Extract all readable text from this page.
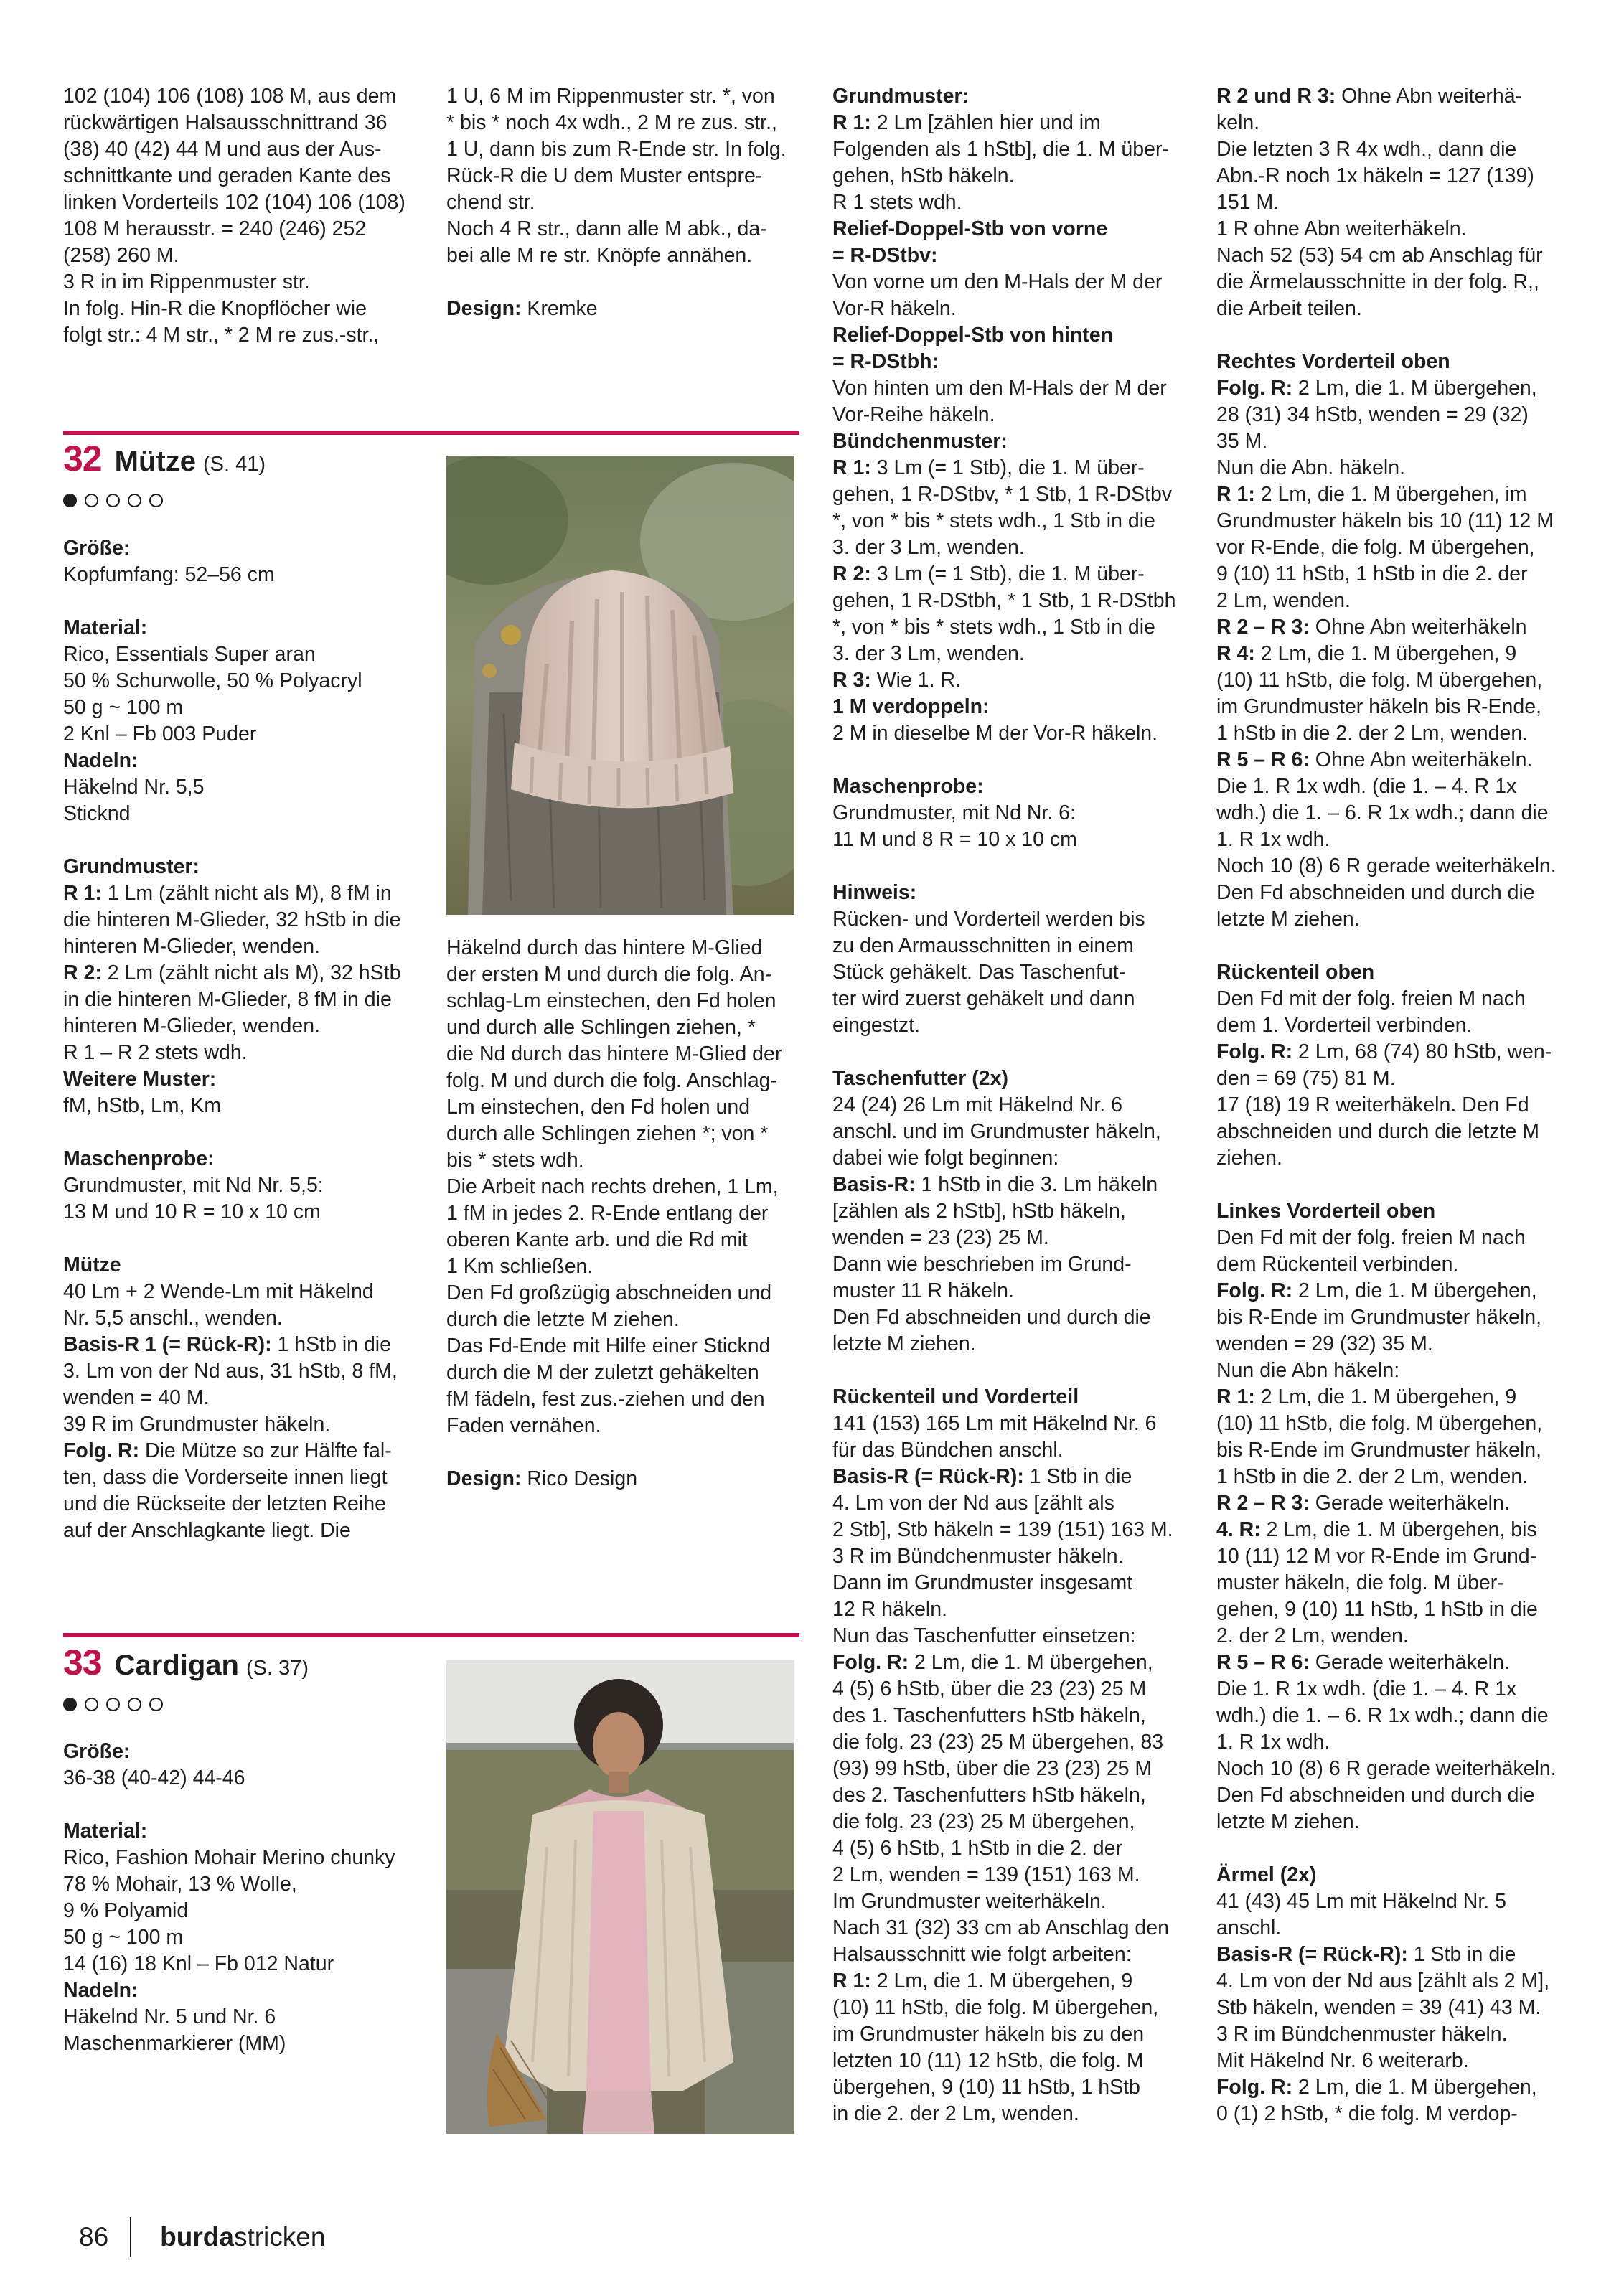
102 (104) 106 (108) 108 M, aus dem

rückwärtigen Halsausschnittrand 36

(38) 40 (42) 44 M und aus der Aus-

schnittkante und geraden Kante des

linken Vorderteils 102 (104) 106 (108)

108 M herausstr. = 240 (246) 252

(258) 260 M.

3 R in im Rippenmuster str.

In folg. Hin-R die Knopflöcher wie

folgt str.: 4 M str., * 2 M re zus.-str.,

1 U, 6 M im Rippenmuster str. *, von

* bis * noch 4x wdh., 2 M re zus. str.,

1 U, dann bis zum R-Ende str. In folg.

Rück-R die U dem Muster entspre-

chend str.

Noch 4 R str., dann alle M abk., da-

bei alle M re str. Knöpfe annähen.

Design: Kremke

32 Mütze (S. 41)

Größe:

Kopfumfang: 52–56 cm

Material:

Rico, Essentials Super aran

50 % Schurwolle, 50 % Polyacryl

50 g ~ 100 m

2 Knl – Fb 003 Puder

Nadeln:

Häkelnd Nr. 5,5

Sticknd

Grundmuster:

R 1: 1 Lm (zählt nicht als M), 8 fM in

die hinteren M-Glieder, 32 hStb in die

hinteren M-Glieder, wenden.

R 2: 2 Lm (zählt nicht als M), 32 hStb

in die hinteren M-Glieder, 8 fM in die

hinteren M-Glieder, wenden.

R 1 – R 2 stets wdh.

Weitere Muster:

fM, hStb, Lm, Km

Maschenprobe:

Grundmuster, mit Nd Nr. 5,5:

13 M und 10 R = 10 x 10 cm

Mütze

40 Lm + 2 Wende-Lm mit Häkelnd

Nr. 5,5 anschl., wenden.

Basis-R 1 (= Rück-R): 1 hStb in die

3. Lm von der Nd aus, 31 hStb, 8 fM,

wenden = 40 M.

39 R im Grundmuster häkeln.

Folg. R: Die Mütze so zur Hälfte fal-

ten, dass die Vorderseite innen liegt

und die Rückseite der letzten Reihe

auf der Anschlagkante liegt. Die

Häkelnd durch das hintere M-Glied

der ersten M und durch die folg. An-

schlag-Lm einstechen, den Fd holen

und durch alle Schlingen ziehen, *

die Nd durch das hintere M-Glied der

folg. M und durch die folg. Anschlag-

Lm einstechen, den Fd holen und

durch alle Schlingen ziehen *; von *

bis * stets wdh.

Die Arbeit nach rechts drehen, 1 Lm,

1 fM in jedes 2. R-Ende entlang der

oberen Kante arb. und die Rd mit

1 Km schließen.

Den Fd großzügig abschneiden und

durch die letzte M ziehen.

Das Fd-Ende mit Hilfe einer Sticknd

durch die M der zuletzt gehäkelten

fM fädeln, fest zus.-ziehen und den

Faden vernähen.

Design: Rico Design

33 Cardigan (S. 37)

Größe:

36-38 (40-42) 44-46

Material:

Rico, Fashion Mohair Merino chunky

78 % Mohair, 13 % Wolle,

9 % Polyamid

50 g ~ 100 m

14 (16) 18 Knl – Fb 012 Natur

Nadeln:

Häkelnd Nr. 5 und Nr. 6

Maschenmarkierer (MM)

Grundmuster:

R 1: 2 Lm [zählen hier und im

Folgenden als 1 hStb], die 1. M über-

gehen, hStb häkeln.

R 1 stets wdh.

Relief-Doppel-Stb von vorne

= R-DStbv:

Von vorne um den M-Hals der M der

Vor-R häkeln.

Relief-Doppel-Stb von hinten

= R-DStbh:

Von hinten um den M-Hals der M der

Vor-Reihe häkeln.

Bündchenmuster:

R 1: 3 Lm (= 1 Stb), die 1. M über-

gehen, 1 R-DStbv, * 1 Stb, 1 R-DStbv

*, von * bis * stets wdh., 1 Stb in die

3. der 3 Lm, wenden.

R 2: 3 Lm (= 1 Stb), die 1. M über-

gehen, 1 R-DStbh, * 1 Stb, 1 R-DStbh

*, von * bis * stets wdh., 1 Stb in die

3. der 3 Lm, wenden.

R 3: Wie 1. R.

1 M verdoppeln:

2 M in dieselbe M der Vor-R häkeln.

Maschenprobe:

Grundmuster, mit Nd Nr. 6:

11 M und 8 R = 10 x 10 cm

Hinweis:

Rücken- und Vorderteil werden bis

zu den Armausschnitten in einem

Stück gehäkelt. Das Taschenfut-

ter wird zuerst gehäkelt und dann

eingestzt.

Taschenfutter (2x)

24 (24) 26 Lm mit Häkelnd Nr. 6

anschl. und im Grundmuster häkeln,

dabei wie folgt beginnen:

Basis-R: 1 hStb in die 3. Lm häkeln

[zählen als 2 hStb], hStb häkeln,

wenden = 23 (23) 25 M.

Dann wie beschrieben im Grund-

muster 11 R häkeln.

Den Fd abschneiden und durch die

letzte M ziehen.

Rückenteil und Vorderteil

141 (153) 165 Lm mit Häkelnd Nr. 6

für das Bündchen anschl.

Basis-R (= Rück-R): 1 Stb in die

4. Lm von der Nd aus [zählt als

2 Stb], Stb häkeln = 139 (151) 163 M.

3 R im Bündchenmuster häkeln.

Dann im Grundmuster insgesamt

12 R häkeln.

Nun das Taschenfutter einsetzen:

Folg. R: 2 Lm, die 1. M übergehen,

4 (5) 6 hStb, über die 23 (23) 25 M

des 1. Taschenfutters hStb häkeln,

die folg. 23 (23) 25 M übergehen, 83

(93) 99 hStb, über die 23 (23) 25 M

des 2. Taschenfutters hStb häkeln,

die folg. 23 (23) 25 M übergehen,

4 (5) 6 hStb, 1 hStb in die 2. der

2 Lm, wenden = 139 (151) 163 M.

Im Grundmuster weiterhäkeln.

Nach 31 (32) 33 cm ab Anschlag den

Halsausschnitt wie folgt arbeiten:

R 1: 2 Lm, die 1. M übergehen, 9

(10) 11 hStb, die folg. M übergehen,

im Grundmuster häkeln bis zu den

letzten 10 (11) 12 hStb, die folg. M

übergehen, 9 (10) 11 hStb, 1 hStb

in die 2. der 2 Lm, wenden.

R 2 und R 3: Ohne Abn weiterhä-

keln.

Die letzten 3 R 4x wdh., dann die

Abn.-R noch 1x häkeln = 127 (139)

151 M.

1 R ohne Abn weiterhäkeln.

Nach 52 (53) 54 cm ab Anschlag für

die Ärmelausschnitte in der folg. R,,

die Arbeit teilen.

Rechtes Vorderteil oben

Folg. R: 2 Lm, die 1. M übergehen,

28 (31) 34 hStb, wenden = 29 (32)

35 M.

Nun die Abn. häkeln.

R 1: 2 Lm, die 1. M übergehen, im

Grundmuster häkeln bis 10 (11) 12 M

vor R-Ende, die folg. M übergehen,

9 (10) 11 hStb, 1 hStb in die 2. der

2 Lm, wenden.

R 2 – R 3: Ohne Abn weiterhäkeln

R 4: 2 Lm, die 1. M übergehen, 9

(10) 11 hStb, die folg. M übergehen,

im Grundmuster häkeln bis R-Ende,

1 hStb in die 2. der 2 Lm, wenden.

R 5 – R 6: Ohne Abn weiterhäkeln.

Die 1. R 1x wdh. (die 1. – 4. R 1x

wdh.) die 1. – 6. R 1x wdh.; dann die

1. R 1x wdh.

Noch 10 (8) 6 R gerade weiterhäkeln.

Den Fd abschneiden und durch die

letzte M ziehen.

Rückenteil oben

Den Fd mit der folg. freien M nach

dem 1. Vorderteil verbinden.

Folg. R: 2 Lm, 68 (74) 80 hStb, wen-

den = 69 (75) 81 M.

17 (18) 19 R weiterhäkeln. Den Fd

abschneiden und durch die letzte M

ziehen.

Linkes Vorderteil oben

Den Fd mit der folg. freien M nach

dem Rückenteil verbinden.

Folg. R: 2 Lm, die 1. M übergehen,

bis R-Ende im Grundmuster häkeln,

wenden = 29 (32) 35 M.

Nun die Abn häkeln:

R 1: 2 Lm, die 1. M übergehen, 9

(10) 11 hStb, die folg. M übergehen,

bis R-Ende im Grundmuster häkeln,

1 hStb in die 2. der 2 Lm, wenden.

R 2 – R 3: Gerade weiterhäkeln.

4. R: 2 Lm, die 1. M übergehen, bis

10 (11) 12 M vor R-Ende im Grund-

muster häkeln, die folg. M über-

gehen, 9 (10) 11 hStb, 1 hStb in die

2. der 2 Lm, wenden.

R 5 – R 6: Gerade weiterhäkeln.

Die 1. R 1x wdh. (die 1. – 4. R 1x

wdh.) die 1. – 6. R 1x wdh.; dann die

1. R 1x wdh.

Noch 10 (8) 6 R gerade weiterhäkeln.

Den Fd abschneiden und durch die

letzte M ziehen.

Ärmel (2x)

41 (43) 45 Lm mit Häkelnd Nr. 5

anschl.

Basis-R (= Rück-R): 1 Stb in die

4. Lm von der Nd aus [zählt als 2 M],

Stb häkeln, wenden = 39 (41) 43 M.

3 R im Bündchenmuster häkeln.

Mit Häkelnd Nr. 6 weiterarb.

Folg. R: 2 Lm, die 1. M übergehen,

0 (1) 2 hStb, * die folg. M verdop-

86 burdastricken
